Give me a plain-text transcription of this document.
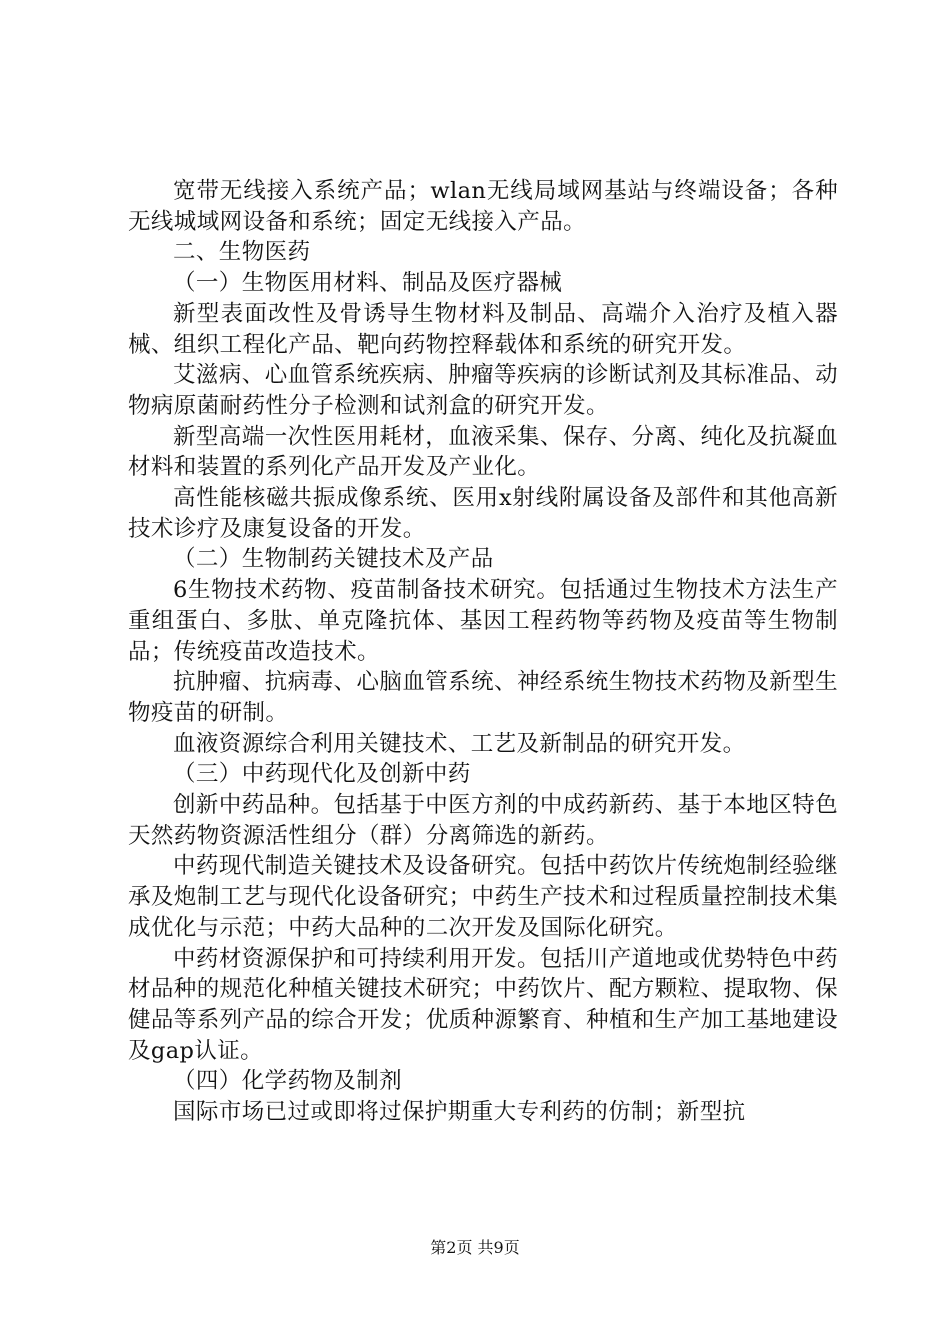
宽带无线接入系统产品；wlan无线局域网基站与终端设备；各种无线城域网设备和系统；固定无线接入产品。

二、生物医药

（一）生物医用材料、制品及医疗器械

新型表面改性及骨诱导生物材料及制品、高端介入治疗及植入器械、组织工程化产品、靶向药物控释载体和系统的研究开发。

艾滋病、心血管系统疾病、肿瘤等疾病的诊断试剂及其标准品、动物病原菌耐药性分子检测和试剂盒的研究开发。

新型高端一次性医用耗材，血液采集、保存、分离、纯化及抗凝血材料和装置的系列化产品开发及产业化。

高性能核磁共振成像系统、医用x射线附属设备及部件和其他高新技术诊疗及康复设备的开发。

（二）生物制药关键技术及产品

6生物技术药物、疫苗制备技术研究。包括通过生物技术方法生产重组蛋白、多肽、单克隆抗体、基因工程药物等药物及疫苗等生物制品；传统疫苗改造技术。

抗肿瘤、抗病毒、心脑血管系统、神经系统生物技术药物及新型生物疫苗的研制。

血液资源综合利用关键技术、工艺及新制品的研究开发。

（三）中药现代化及创新中药

创新中药品种。包括基于中医方剂的中成药新药、基于本地区特色天然药物资源活性组分（群）分离筛选的新药。

中药现代制造关键技术及设备研究。包括中药饮片传统炮制经验继承及炮制工艺与现代化设备研究；中药生产技术和过程质量控制技术集成优化与示范；中药大品种的二次开发及国际化研究。

中药材资源保护和可持续利用开发。包括川产道地或优势特色中药材品种的规范化种植关键技术研究；中药饮片、配方颗粒、提取物、保健品等系列产品的综合开发；优质种源繁育、种植和生产加工基地建设及gap认证。

（四）化学药物及制剂

国际市场已过或即将过保护期重大专利药的仿制；新型抗

第2页 共9页
